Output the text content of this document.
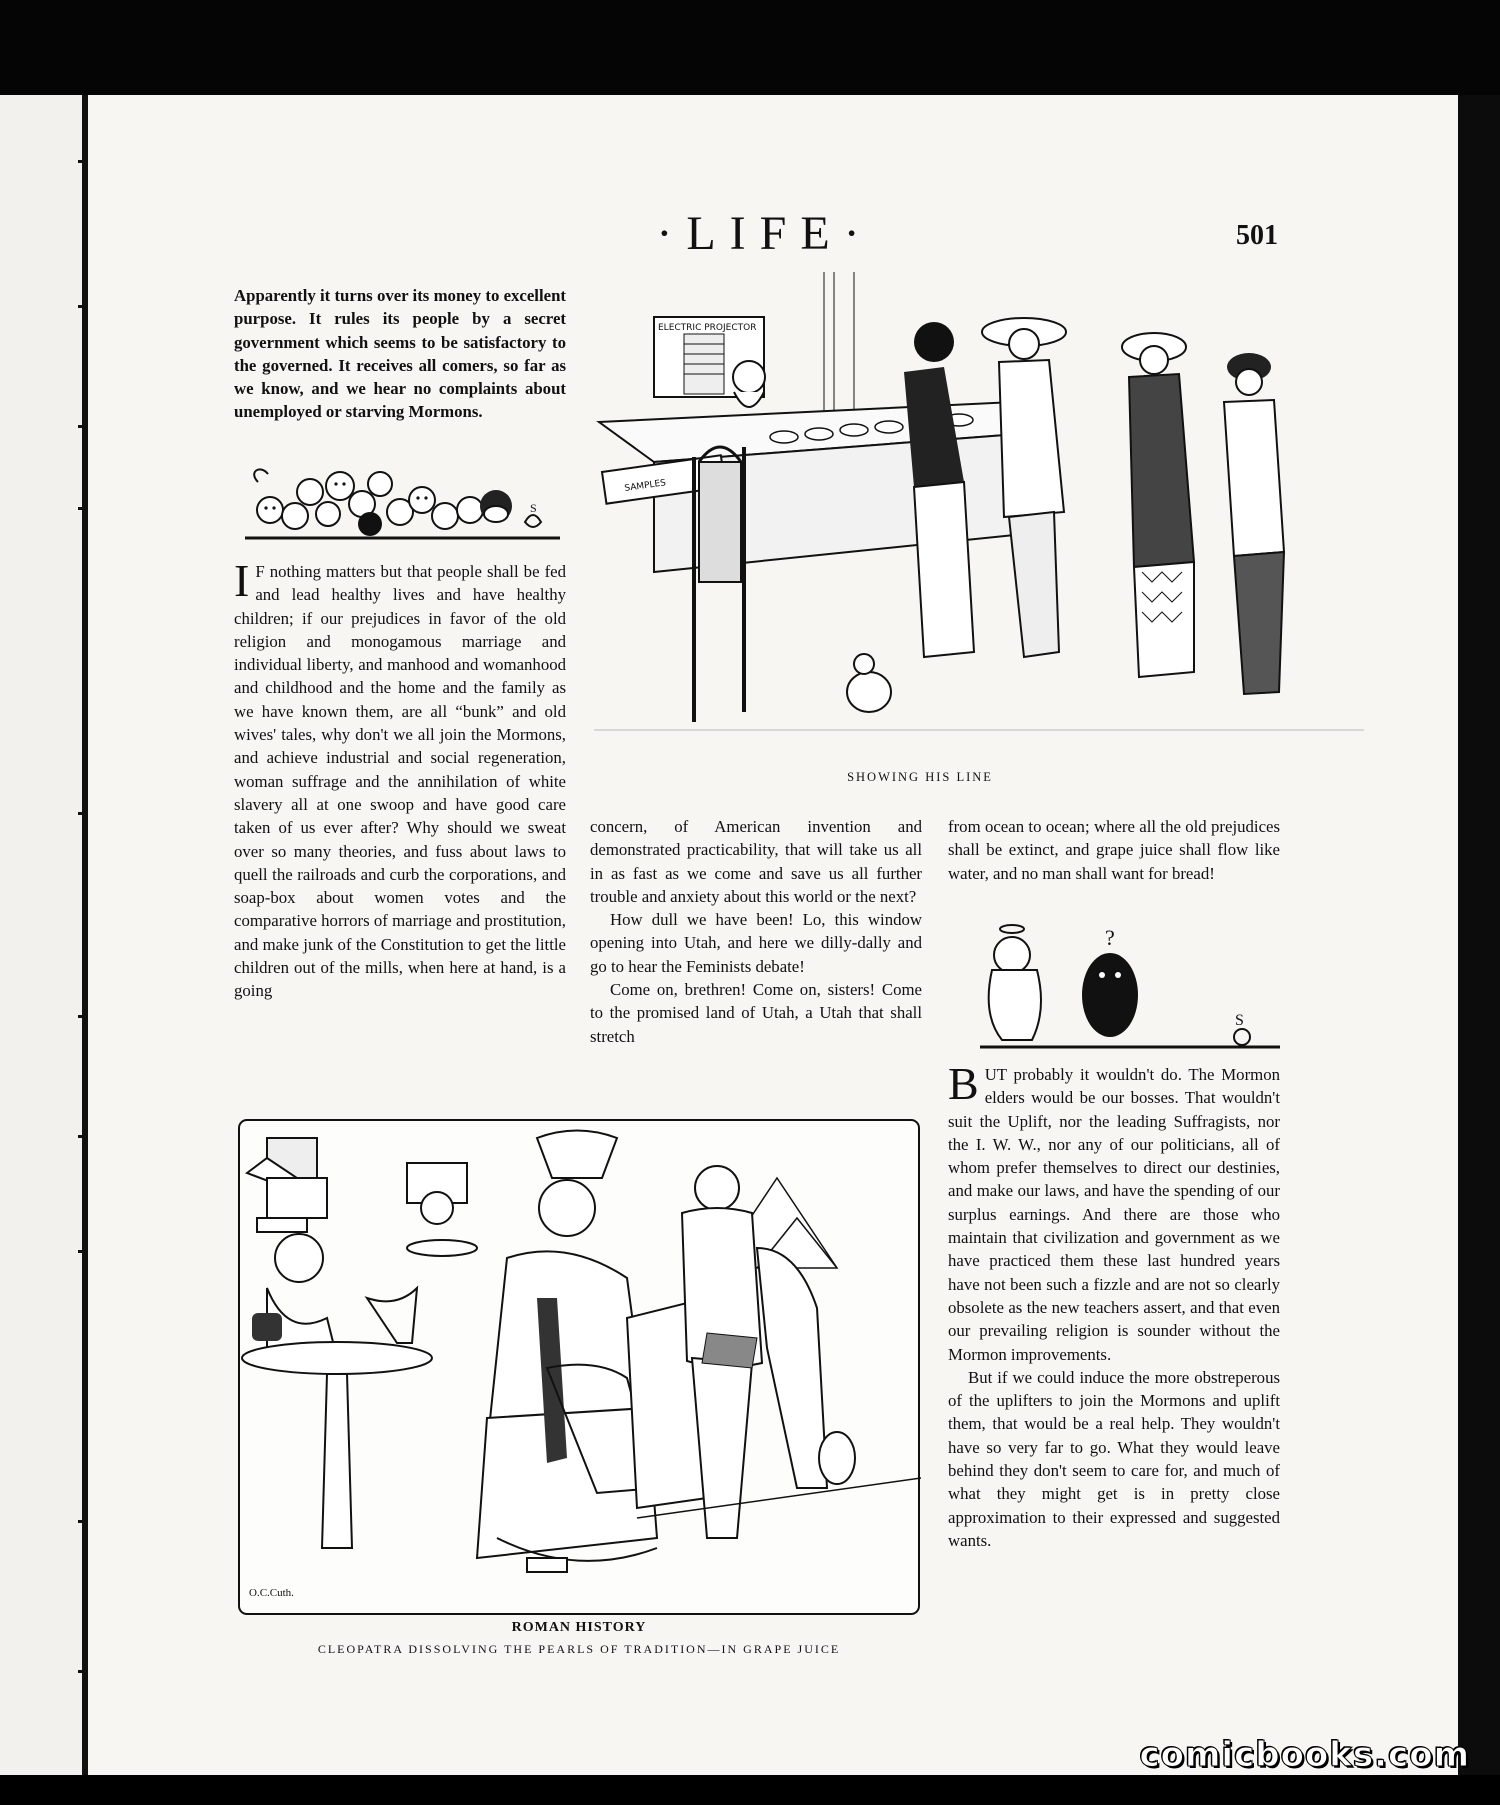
·LIFE·	501

Apparently it turns over its money to excellent purpose. It rules its people by a secret government which seems to be satisfactory to the governed. It receives all comers, so far as we know, and we hear no complaints about unemployed or starving Mormons.

S

I F nothing matters but that people shall be fed and lead healthy lives and have healthy children; if our prejudices in favor of the old religion and monogamous marriage and individual liberty, and manhood and womanhood and childhood and the home and the family as we have known them, are all “bunk” and old wives' tales, why don't we all join the Mormons, and achieve industrial and social regeneration, woman suffrage and the annihilation of white slavery all at one swoop and have good care taken of us ever after? Why should we sweat over so many theories, and fuss about laws to quell the railroads and curb the corporations, and soap-box about women votes and the comparative horrors of marriage and prostitution, and make junk of the Constitution to get the little children out of the mills, when here at hand, is a going

ELECTRIC PROJECTOR
SAMPLES
SHOWING HIS LINE

concern, of American invention and demonstrated practicability, that will take us all in as fast as we come and save us all further trouble and anxiety about this world or the next?

How dull we have been! Lo, this window opening into Utah, and here we dilly-dally and go to hear the Feminists debate!

Come on, brethren! Come on, sisters! Come to the promised land of Utah, a Utah that shall stretch

from ocean to ocean; where all the old prejudices shall be extinct, and grape juice shall flow like water, and no man shall want for bread!

?
S

BUT probably it wouldn't do. The Mormon elders would be our bosses. That wouldn't suit the Uplift, nor the leading Suffragists, nor the I. W. W., nor any of our politicians, all of whom prefer themselves to direct our destinies, and make our laws, and have the spending of our surplus earnings. And there are those who maintain that civilization and government as we have practiced them these last hundred years have not been such a fizzle and are not so clearly obsolete as the new teachers assert, and that even our prevailing religion is sounder without the Mormon improvements.

But if we could induce the more obstreperous of the uplifters to join the Mormons and uplift them, that would be a real help. They wouldn't have so very far to go. What they would leave behind they don't seem to care for, and much of what they might get is in pretty close approximation to their expressed and suggested wants.

O.C.Cuth.
ROMAN HISTORY
CLEOPATRA DISSOLVING THE PEARLS OF TRADITION—IN GRAPE JUICE
comicbooks.com
